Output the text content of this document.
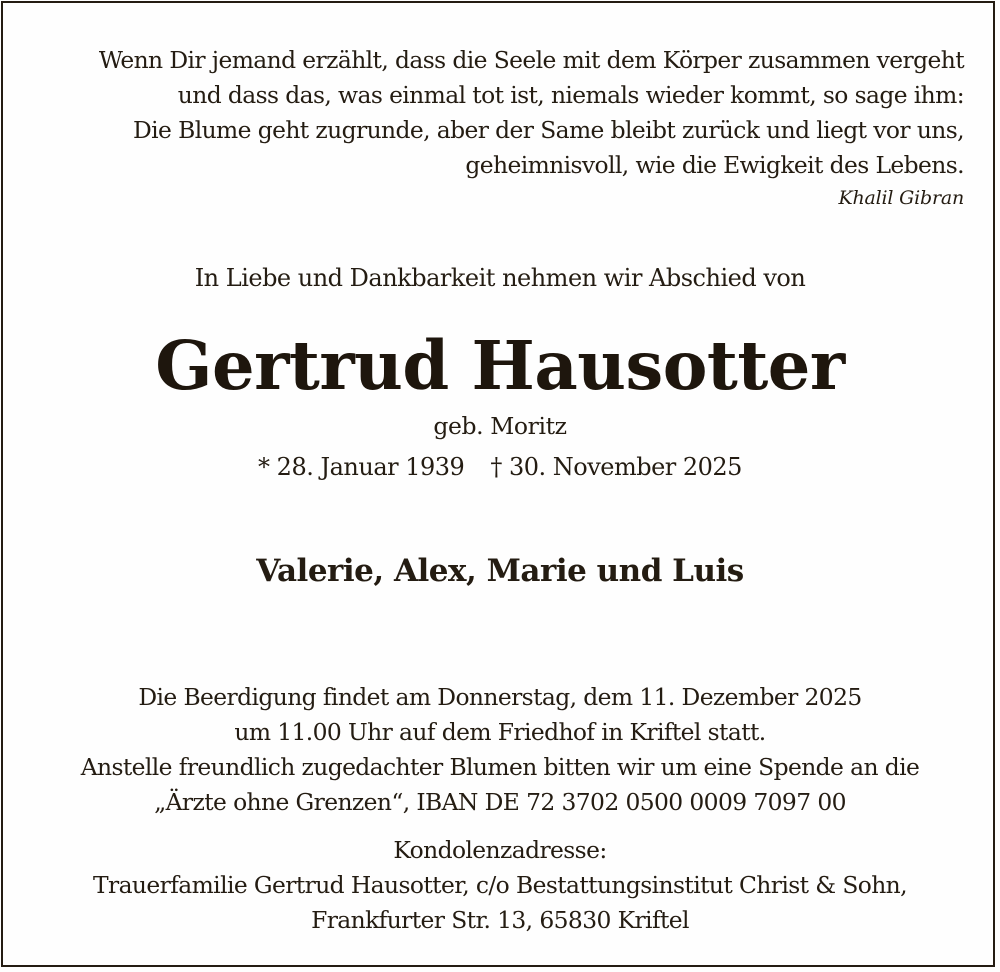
Wenn Dir jemand erzählt, dass die Seele mit dem Körper zusammen vergeht
und dass das, was einmal tot ist, niemals wieder kommt, so sage ihm:
Die Blume geht zugrunde, aber der Same bleibt zurück und liegt vor uns,
geheimnisvoll, wie die Ewigkeit des Lebens.
Khalil Gibran
In Liebe und Dankbarkeit nehmen wir Abschied von
Gertrud Hausotter
geb. Moritz
* 28. Januar 1939 † 30. November 2025
Valerie, Alex, Marie und Luis
Die Beerdigung findet am Donnerstag, dem 11. Dezember 2025
um 11.00 Uhr auf dem Friedhof in Kriftel statt.
Anstelle freundlich zugedachter Blumen bitten wir um eine Spende an die
„Ärzte ohne Grenzen“, IBAN DE 72 3702 0500 0009 7097 00
Kondolenzadresse:
Trauerfamilie Gertrud Hausotter, c/o Bestattungsinstitut Christ & Sohn,
Frankfurter Str. 13, 65830 Kriftel
